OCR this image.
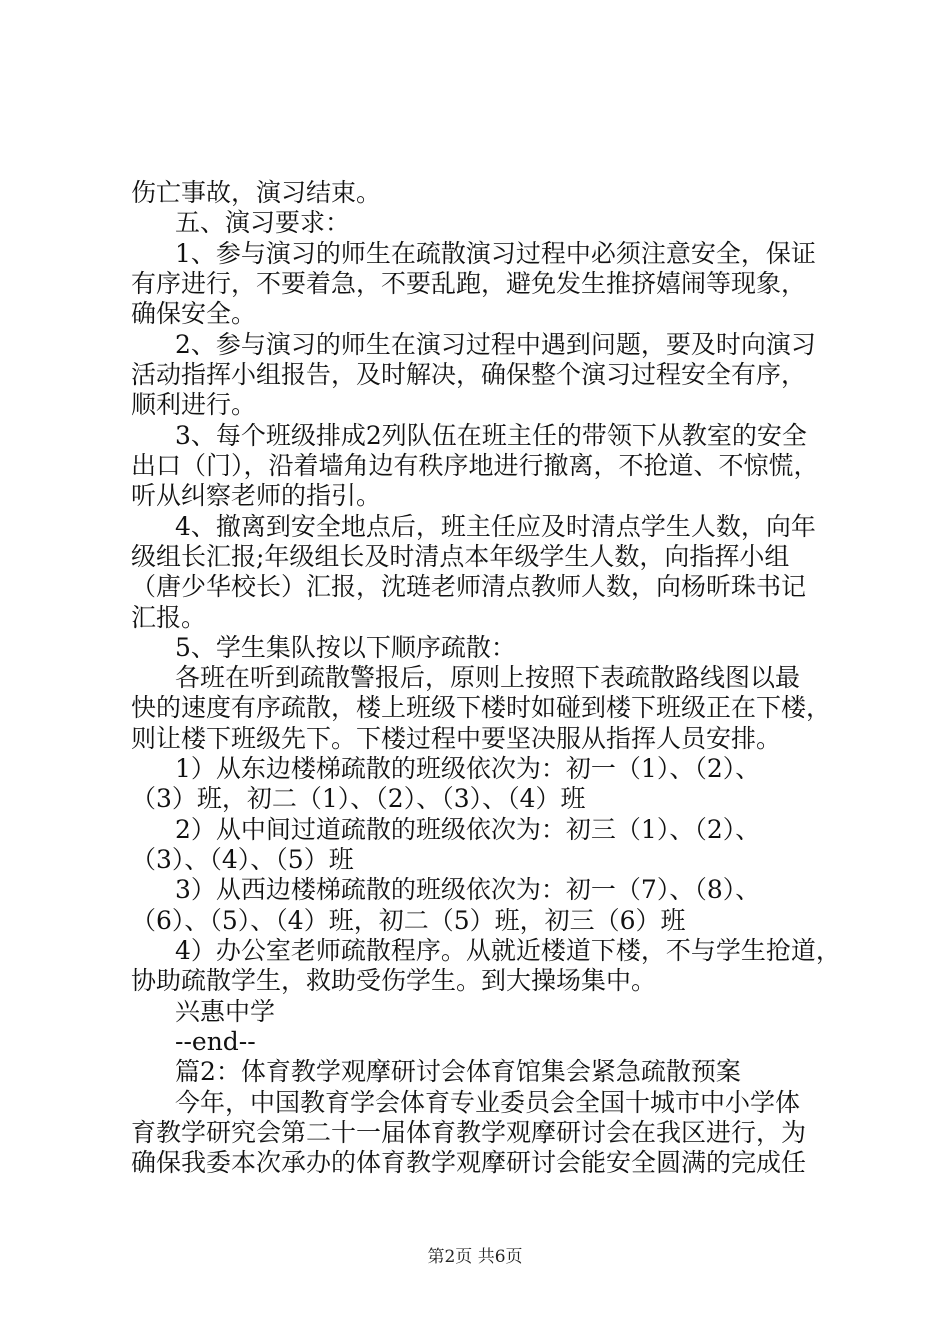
伤亡事故，演习结束。
五、演习要求：
1、参与演习的师生在疏散演习过程中必须注意安全，保证
有序进行，不要着急，不要乱跑，避免发生推挤嬉闹等现象，
确保安全。
2、参与演习的师生在演习过程中遇到问题，要及时向演习
活动指挥小组报告，及时解决，确保整个演习过程安全有序，
顺利进行。
3、每个班级排成2列队伍在班主任的带领下从教室的安全
出口（门），沿着墙角边有秩序地进行撤离，不抢道、不惊慌，
听从纠察老师的指引。
4、撤离到安全地点后，班主任应及时清点学生人数，向年
级组长汇报;年级组长及时清点本年级学生人数，向指挥小组
（唐少华校长）汇报，沈琏老师清点教师人数，向杨昕珠书记
汇报。
5、学生集队按以下顺序疏散：
各班在听到疏散警报后，原则上按照下表疏散路线图以最
快的速度有序疏散，楼上班级下楼时如碰到楼下班级正在下楼，
则让楼下班级先下。下楼过程中要坚决服从指挥人员安排。
1）从东边楼梯疏散的班级依次为：初一（1）、（2）、
（3）班，初二（1）、（2）、（3）、（4）班
2）从中间过道疏散的班级依次为：初三（1）、（2）、
（3）、（4）、（5）班
3）从西边楼梯疏散的班级依次为：初一（7）、（8）、
（6）、（5）、（4）班，初二（5）班，初三（6）班
4）办公室老师疏散程序。从就近楼道下楼，不与学生抢道，
协助疏散学生，救助受伤学生。到大操场集中。
兴惠中学
--end--
篇2：体育教学观摩研讨会体育馆集会紧急疏散预案
今年，中国教育学会体育专业委员会全国十城市中小学体
育教学研究会第二十一届体育教学观摩研讨会在我区进行，为
确保我委本次承办的体育教学观摩研讨会能安全圆满的完成任
第2页 共6页
